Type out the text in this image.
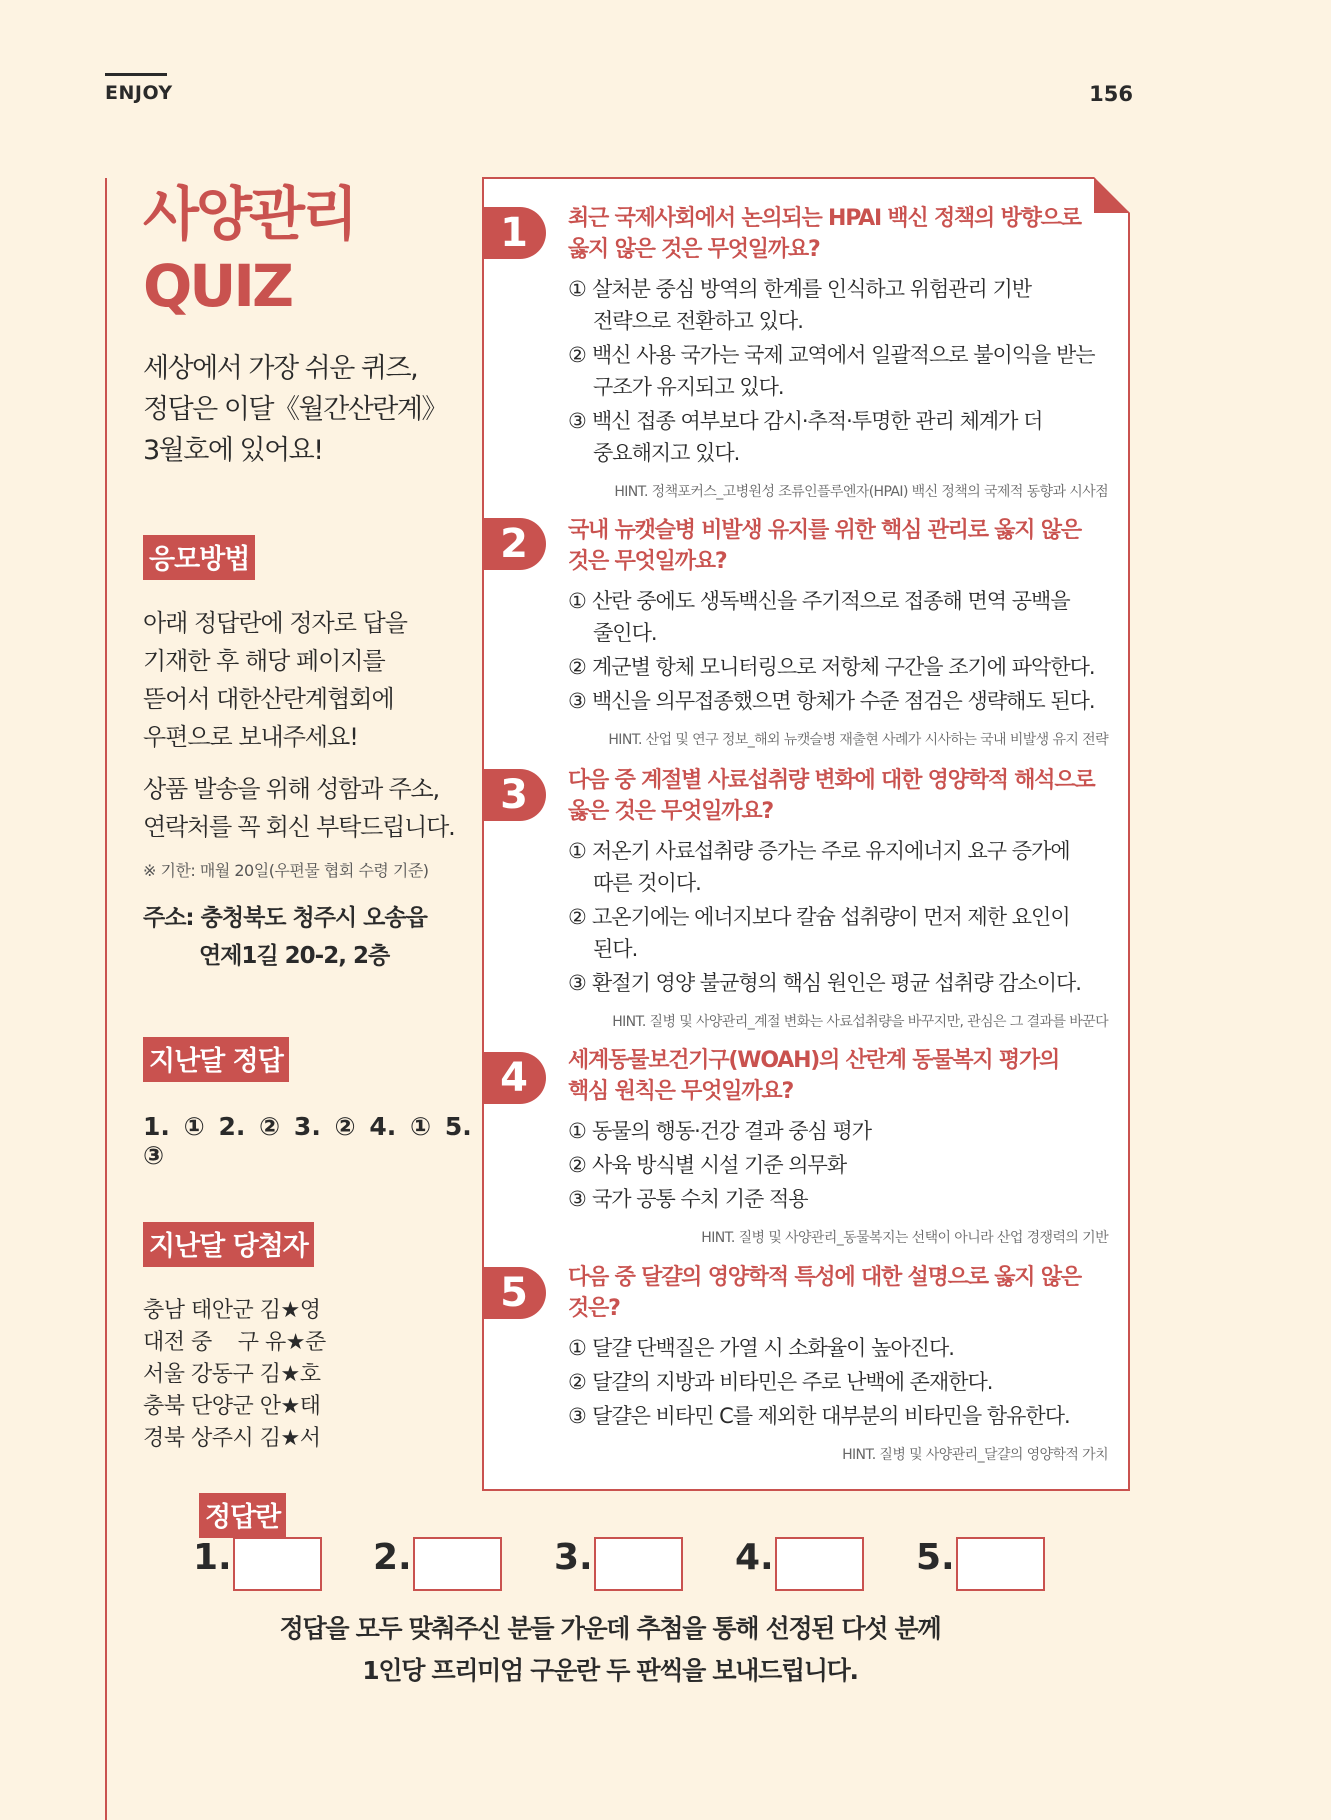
ENJOY	156
사양관리
QUIZ
세상에서 가장 쉬운 퀴즈,
정답은 이달《월간산란계》
3월호에 있어요!
응모방법
아래 정답란에 정자로 답을
기재한 후 해당 페이지를
뜯어서 대한산란계협회에
우편으로 보내주세요!
상품 발송을 위해 성함과 주소,
연락처를 꼭 회신 부탁드립니다.
※ 기한: 매월 20일(우편물 협회 수령 기준)
주소: 충청북도 청주시 오송읍
연제1길 20-2, 2층
지난달 정답
1. ① 2. ② 3. ② 4. ① 5. ③
지난달 당첨자
충남 태안군 김★영
대전 중    구 유★준
서울 강동구 김★호
충북 단양군 안★태
경북 상주시 김★서
1	최근 국제사회에서 논의되는 HPAI 백신 정책의 방향으로
옳지 않은 것은 무엇일까요?
① 살처분 중심 방역의 한계를 인식하고 위험관리 기반
전략으로 전환하고 있다.
② 백신 사용 국가는 국제 교역에서 일괄적으로 불이익을 받는
구조가 유지되고 있다.
③ 백신 접종 여부보다 감시·추적·투명한 관리 체계가 더
중요해지고 있다.
HINT. 정책포커스_고병원성 조류인플루엔자(HPAI) 백신 정책의 국제적 동향과 시사점
2	국내 뉴캣슬병 비발생 유지를 위한 핵심 관리로 옳지 않은
것은 무엇일까요?
① 산란 중에도 생독백신을 주기적으로 접종해 면역 공백을
줄인다.
② 계군별 항체 모니터링으로 저항체 구간을 조기에 파악한다.
③ 백신을 의무접종했으면 항체가 수준 점검은 생략해도 된다.
HINT. 산업 및 연구 정보_해외 뉴캣슬병 재출현 사례가 시사하는 국내 비발생 유지 전략
3	다음 중 계절별 사료섭취량 변화에 대한 영양학적 해석으로
옳은 것은 무엇일까요?
① 저온기 사료섭취량 증가는 주로 유지에너지 요구 증가에
따른 것이다.
② 고온기에는 에너지보다 칼슘 섭취량이 먼저 제한 요인이
된다.
③ 환절기 영양 불균형의 핵심 원인은 평균 섭취량 감소이다.
HINT. 질병 및 사양관리_계절 변화는 사료섭취량을 바꾸지만, 관심은 그 결과를 바꾼다
4	세계동물보건기구(WOAH)의 산란계 동물복지 평가의
핵심 원칙은 무엇일까요?
① 동물의 행동·건강 결과 중심 평가
② 사육 방식별 시설 기준 의무화
③ 국가 공통 수치 기준 적용
HINT. 질병 및 사양관리_동물복지는 선택이 아니라 산업 경쟁력의 기반
5	다음 중 달걀의 영양학적 특성에 대한 설명으로 옳지 않은
것은?
① 달걀 단백질은 가열 시 소화율이 높아진다.
② 달걀의 지방과 비타민은 주로 난백에 존재한다.
③ 달걀은 비타민 C를 제외한 대부분의 비타민을 함유한다.
HINT. 질병 및 사양관리_달걀의 영양학적 가치
정답란
1.	2.	3.	4.	5.
정답을 모두 맞춰주신 분들 가운데 추첨을 통해 선정된 다섯 분께
1인당 프리미엄 구운란 두 판씩을 보내드립니다.
